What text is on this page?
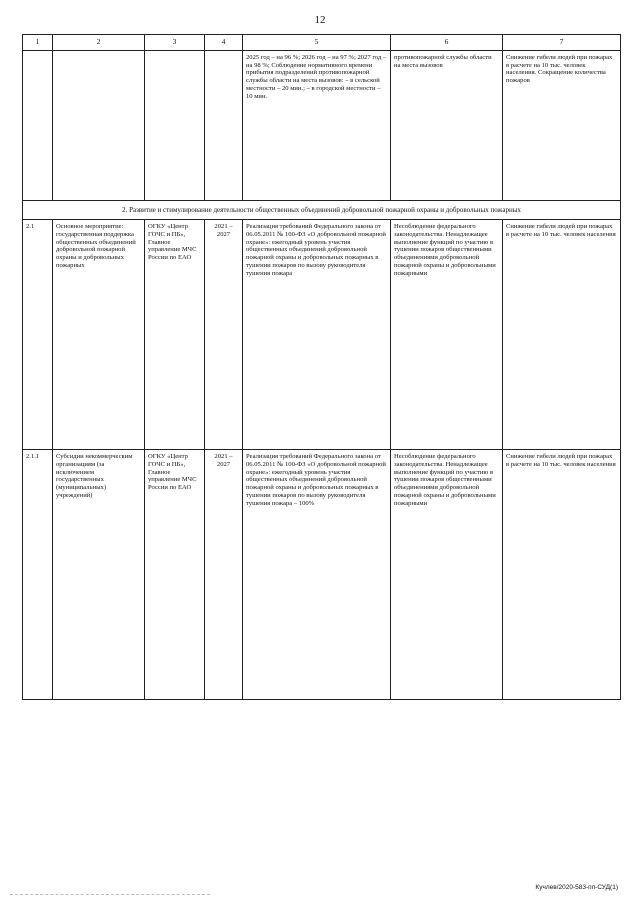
12
1	2	3	4	5	6	7
				2025 год – на 96 %; 2026 год – на 97 %; 2027 год – на 98 %; Соблюдение нормативного времени прибытия подразделений противопожарной службы области на места вызовов: – в сельской местности – 20 мин.; – в городской местности – 10 мин.	противопожарной службы области на места вызовов	Снижение гибели людей при пожарах в расчете на 10 тыс. человек населения. Сокращение количества пожаров
2. Развитие и стимулирование деятельности общественных объединений добровольной пожарной охраны и добровольных пожарных						
2.1	Основное мероприятие: государственная поддержка общественных объединений добровольной пожарной охраны и добровольных пожарных	ОГКУ «Центр ГОЧС и ПБ», Главное управление МЧС России по ЕАО	2021 – 2027	Реализация требований Федерального закона от 06.05.2011 № 100-ФЗ «О добровольной пожарной охране»: ежегодный уровень участия общественных объединений добровольной пожарной охраны и добровольных пожарных в тушении пожаров по вызову руководителя тушения пожара	Несоблюдение федерального законодательства. Ненадлежащее выполнение функций по участию в тушении пожаров общественными объединениями добровольной пожарной охраны и добровольными пожарными	Снижение гибели людей при пожарах в расчете на 10 тыс. человек населения
2.1.1	Субсидии некоммерческим организациям (за исключением государственных (муниципальных) учреждений)	ОГКУ «Центр ГОЧС и ПБ», Главное управление МЧС России по ЕАО	2021 – 2027	Реализация требований Федерального закона от 06.05.2011 № 100-ФЗ «О добровольной пожарной охране»: ежегодный уровень участия общественных объединений добровольной пожарной охраны и добровольных пожарных в тушении пожаров по вызову руководителя тушения пожара – 100%	Несоблюдение федерального законодательства. Ненадлежащее выполнение функций по участию в тушении пожаров общественными объединениями добровольной пожарной охраны и добровольными пожарными	Снижение гибели людей при пожарах в расчете на 10 тыс. человек населения
Кучлев/2020-583-пп-СУД(1)
